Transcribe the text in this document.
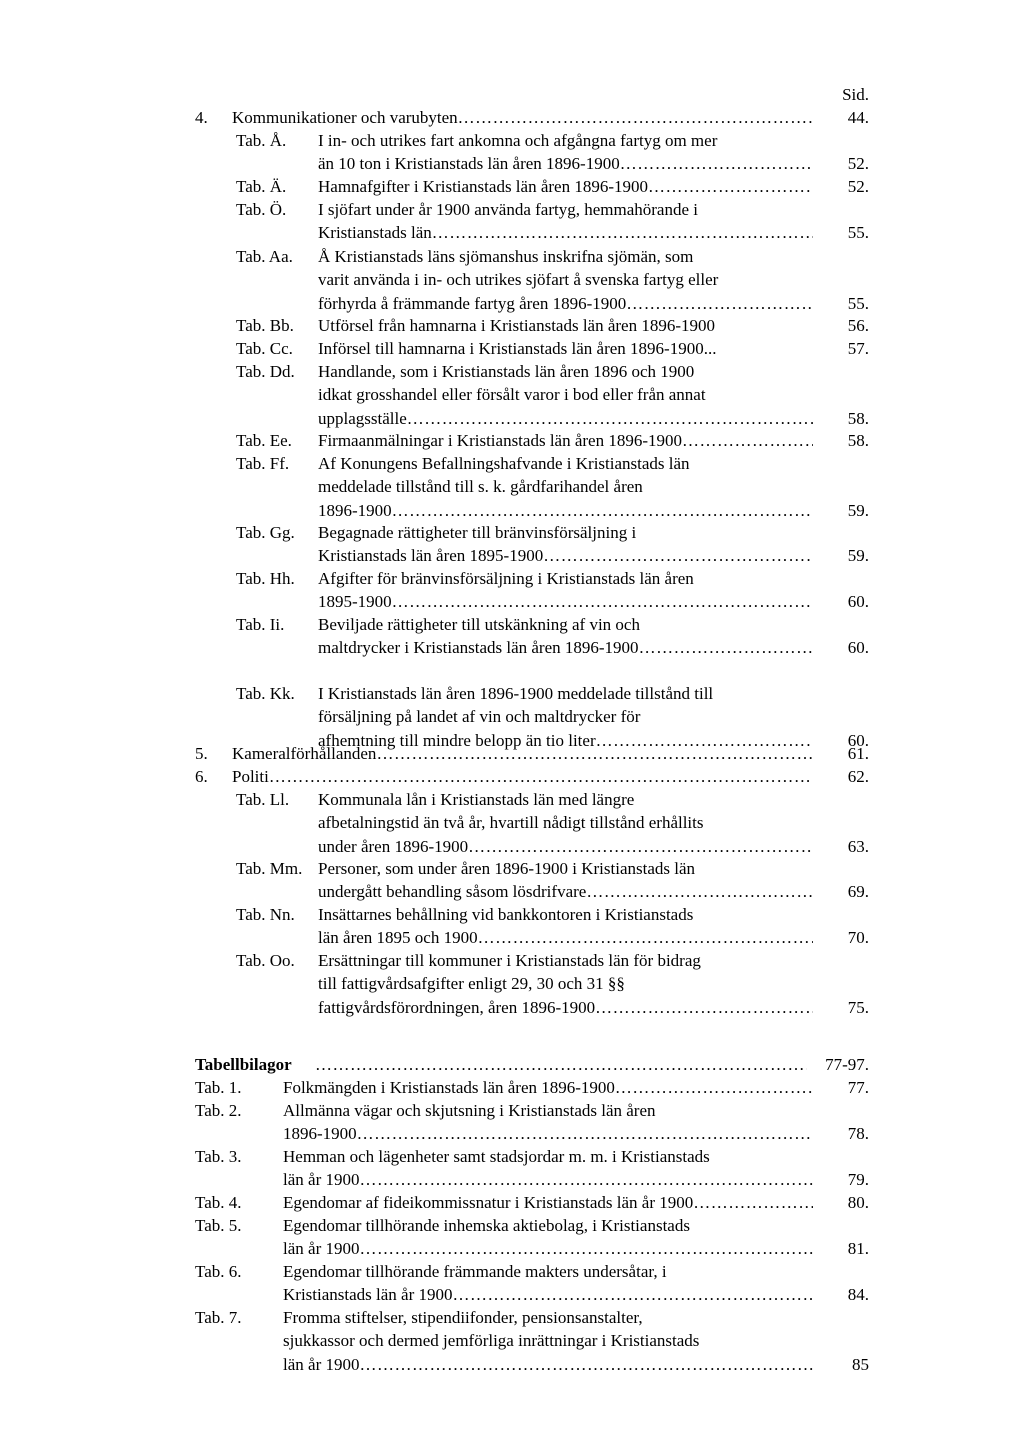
Sid.
4. Kommunikationer och varubyten …………………………………………………………………………………………………………………………………………………………………………………………………	44.
Tab. Å. I in- och utrikes fart ankomna och afgångna fartyg om mer
än 10 ton i Kristianstads län åren 1896-1900 …………………………………………………………………………………………………………………………………………………………………………………………………	52.
Tab. Ä. Hamnafgifter i Kristianstads län åren 1896-1900 …………………………………………………………………………………………………………………………………………………………………………………………………	52.
Tab. Ö. I sjöfart under år 1900 använda fartyg, hemmahörande i
Kristianstads län …………………………………………………………………………………………………………………………………………………………………………………………………	55.
Tab. Aa. Å Kristianstads läns sjömanshus inskrifna sjömän, som
varit använda i in- och utrikes sjöfart å svenska fartyg eller
förhyrda å främmande fartyg åren 1896-1900 …………………………………………………………………………………………………………………………………………………………………………………………………	55.
Tab. Bb. Utförsel från hamnarna i Kristianstads län åren 1896-1900	56.
Tab. Cc. Införsel till hamnarna i Kristianstads län åren 1896-1900...	57.
Tab. Dd. Handlande, som i Kristianstads län åren 1896 och 1900
idkat grosshandel eller försålt varor i bod eller från annat
upplagsställe …………………………………………………………………………………………………………………………………………………………………………………………………	58.
Tab. Ee. Firmaanmälningar i Kristianstads län åren 1896-1900 …………………………………………………………………………………………………………………………………………………………………………………………………	58.
Tab. Ff. Af Konungens Befallningshafvande i Kristianstads län
meddelade tillstånd till s. k. gårdfarihandel åren
1896-1900 …………………………………………………………………………………………………………………………………………………………………………………………………	59.
Tab. Gg. Begagnade rättigheter till bränvinsförsäljning i
Kristianstads län åren 1895-1900 …………………………………………………………………………………………………………………………………………………………………………………………………	59.
Tab. Hh. Afgifter för bränvinsförsäljning i Kristianstads län åren
1895-1900 …………………………………………………………………………………………………………………………………………………………………………………………………	60.
Tab. Ii. Beviljade rättigheter till utskänkning af vin och
maltdrycker i Kristianstads län åren 1896-1900 …………………………………………………………………………………………………………………………………………………………………………………………………	60.
Tab. Kk. I Kristianstads län åren 1896-1900 meddelade tillstånd till
försäljning på landet af vin och maltdrycker för
afhemtning till mindre belopp än tio liter …………………………………………………………………………………………………………………………………………………………………………………………………	60.
5. Kameralförhållanden …………………………………………………………………………………………………………………………………………………………………………………………………	61.
6. Politi …………………………………………………………………………………………………………………………………………………………………………………………………	62.
Tab. Ll. Kommunala lån i Kristianstads län med längre
afbetalningstid än två år, hvartill nådigt tillstånd erhållits
under åren 1896-1900 …………………………………………………………………………………………………………………………………………………………………………………………………	63.
Tab. Mm. Personer, som under åren 1896-1900 i Kristianstads län
undergått behandling såsom lösdrifvare …………………………………………………………………………………………………………………………………………………………………………………………………	69.
Tab. Nn. Insättarnes behållning vid bankkontoren i Kristianstads
län åren 1895 och 1900 …………………………………………………………………………………………………………………………………………………………………………………………………	70.
Tab. Oo. Ersättningar till kommuner i Kristianstads län för bidrag
till fattigvårdsafgifter enligt 29, 30 och 31 §§
fattigvårdsförordningen, åren 1896-1900 …………………………………………………………………………………………………………………………………………………………………………………………………	75.
Tabellbilagor …………………………………………………………………………………………………………………………………………………………………………………………………	77-97.
Tab. 1. Folkmängden i Kristianstads län åren 1896-1900 …………………………………………………………………………………………………………………………………………………………………………………………………	77.
Tab. 2. Allmänna vägar och skjutsning i Kristianstads län åren
1896-1900 …………………………………………………………………………………………………………………………………………………………………………………………………	78.
Tab. 3. Hemman och lägenheter samt stadsjordar m. m. i Kristianstads
län år 1900 …………………………………………………………………………………………………………………………………………………………………………………………………	79.
Tab. 4. Egendomar af fideikommissnatur i Kristianstads län år 1900 …………………………………………………………………………………………………………………………………………………………………………………………………	80.
Tab. 5. Egendomar tillhörande inhemska aktiebolag, i Kristianstads
län år 1900 …………………………………………………………………………………………………………………………………………………………………………………………………	81.
Tab. 6. Egendomar tillhörande främmande makters undersåtar, i
Kristianstads län år 1900 …………………………………………………………………………………………………………………………………………………………………………………………………	84.
Tab. 7. Fromma stiftelser, stipendiifonder, pensionsanstalter,
sjukkassor och dermed jemförliga inrättningar i Kristianstads
län år 1900 …………………………………………………………………………………………………………………………………………………………………………………………………	85
